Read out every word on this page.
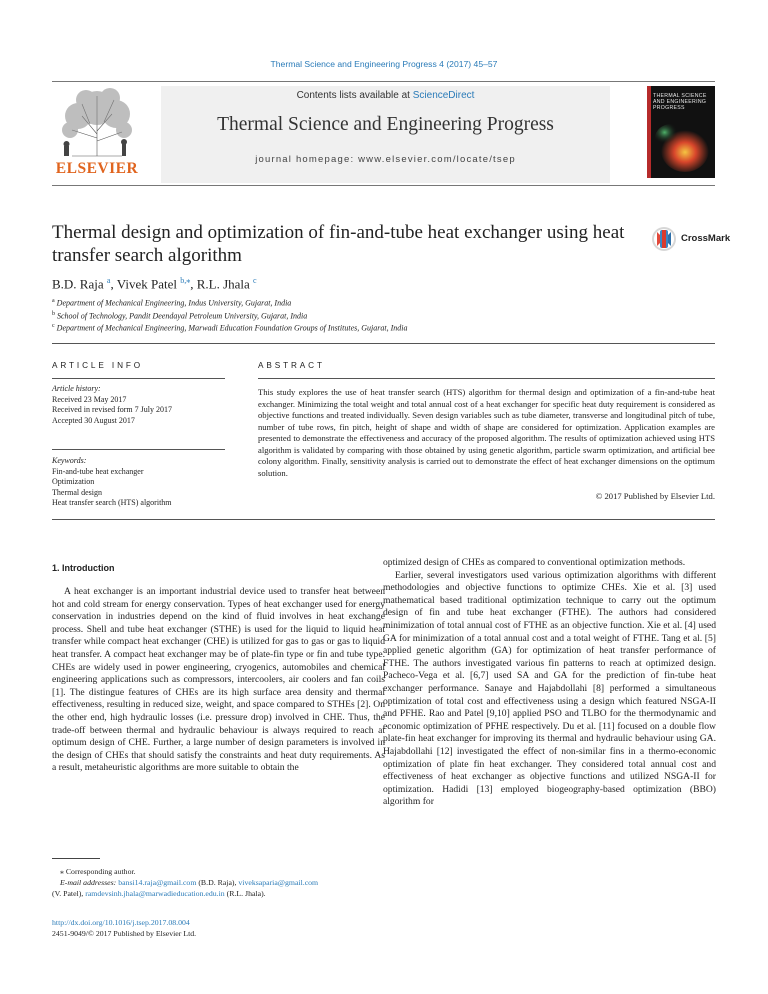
Thermal Science and Engineering Progress 4 (2017) 45–57
ELSEVIER
Contents lists available at ScienceDirect
Thermal Science and Engineering Progress
journal homepage: www.elsevier.com/locate/tsep
THERMAL SCIENCE AND ENGINEERING PROGRESS
Thermal design and optimization of fin-and-tube heat exchanger using heat transfer search algorithm
CrossMark
B.D. Raja $^a$, Vivek Patel $^{b,⁎}$, R.L. Jhala $^c$
$^a$ Department of Mechanical Engineering, Indus University, Gujarat, India
$^b$ School of Technology, Pandit Deendayal Petroleum University, Gujarat, India
$^c$ Department of Mechanical Engineering, Marwadi Education Foundation Groups of Institutes, Gujarat, India
ARTICLE INFO	ABSTRACT
Article history:
Received 23 May 2017
Received in revised form 7 July 2017
Accepted 30 August 2017
Keywords:
Fin-and-tube heat exchanger
Optimization
Thermal design
Heat transfer search (HTS) algorithm
This study explores the use of heat transfer search (HTS) algorithm for thermal design and optimization of a fin-and-tube heat exchanger. Minimizing the total weight and total annual cost of a heat exchanger for specific heat duty requirement is considered as objective functions and treated individually. Seven design variables such as tube diameter, transverse and longitudinal pitch of tube, number of tube rows, fin pitch, height of shape and width of shape are considered for optimization. Application examples are presented to demonstrate the effectiveness and accuracy of the proposed algorithm. The results of optimization achieved using HTS algorithm is validated by comparing with those obtained by using genetic algorithm, particle swarm optimization, and artificial bee colony algorithm. Finally, sensitivity analysis is carried out to demonstrate the effect of heat exchanger dimensions on the optimum solution.
© 2017 Published by Elsevier Ltd.
1. Introduction

A heat exchanger is an important industrial device used to transfer heat between hot and cold stream for energy conservation. Types of heat exchanger used for energy conservation in industries depend on the kind of fluid involves in heat exchange process. Shell and tube heat exchanger (STHE) is used for the liquid to liquid heat transfer while compact heat exchanger (CHE) is utilized for gas to gas or gas to liquid heat transfer. A compact heat exchanger may be of plate-fin type or fin and tube type. CHEs are widely used in power engineering, cryogenics, automobiles and chemical engineering applications such as compressors, intercoolers, air coolers and fan coils [1]. The distingue features of CHEs are its high surface area density and thermal effectiveness, resulting in reduced size, weight, and space compared to STHEs [2]. On the other end, high hydraulic losses (i.e. pressure drop) involved in CHE. Thus, the trade-off between thermal and hydraulic behaviour is always required to reach at optimum design of CHE. Further, a large number of design parameters is involved in the design of CHEs that should satisfy the constraints and heat duty requirements. As a result, metaheuristic algorithms are more suitable to obtain the

optimized design of CHEs as compared to conventional optimization methods.

Earlier, several investigators used various optimization algorithms with different methodologies and objective functions to optimize CHEs. Xie et al. [3] used mathematical based traditional optimization technique to carry out the optimum design of fin and tube heat exchanger (FTHE). The authors had considered minimization of total annual cost of FTHE as an objective function. Xie et al. [4] used GA for minimization of a total annual cost and a total weight of FTHE. Tang et al. [5] applied genetic algorithm (GA) for optimization of heat transfer performance of FTHE. The authors investigated various fin patterns to reach at optimized design. Pacheco-Vega et al. [6,7] used SA and GA for the prediction of fin-tube heat exchanger performance. Sanaye and Hajabdollahi [8] performed a simultaneous optimization of total cost and effectiveness using a design which featured NSGA-II and PFHE. Rao and Patel [9,10] applied PSO and TLBO for the thermodynamic and economic optimization of PFHE respectively. Du et al. [11] focused on a double flow plate-fin heat exchanger for improving its thermal and hydraulic behaviour using GA. Hajabdollahi [12] investigated the effect of non-similar fins in a thermo-economic optimization of plate fin heat exchanger. They considered total annual cost and effectiveness of heat exchanger as objective functions and utilized NSGA-II for optimization. Hadidi [13] employed biogeography-based optimization (BBO) algorithm for

⁎ Corresponding author.
E-mail addresses: bansi14.raja@gmail.com (B.D. Raja), viveksaparia@gmail.com
(V. Patel), ramdevsinh.jhala@marwadieducation.edu.in (R.L. Jhala).
http://dx.doi.org/10.1016/j.tsep.2017.08.004
2451-9049/© 2017 Published by Elsevier Ltd.
